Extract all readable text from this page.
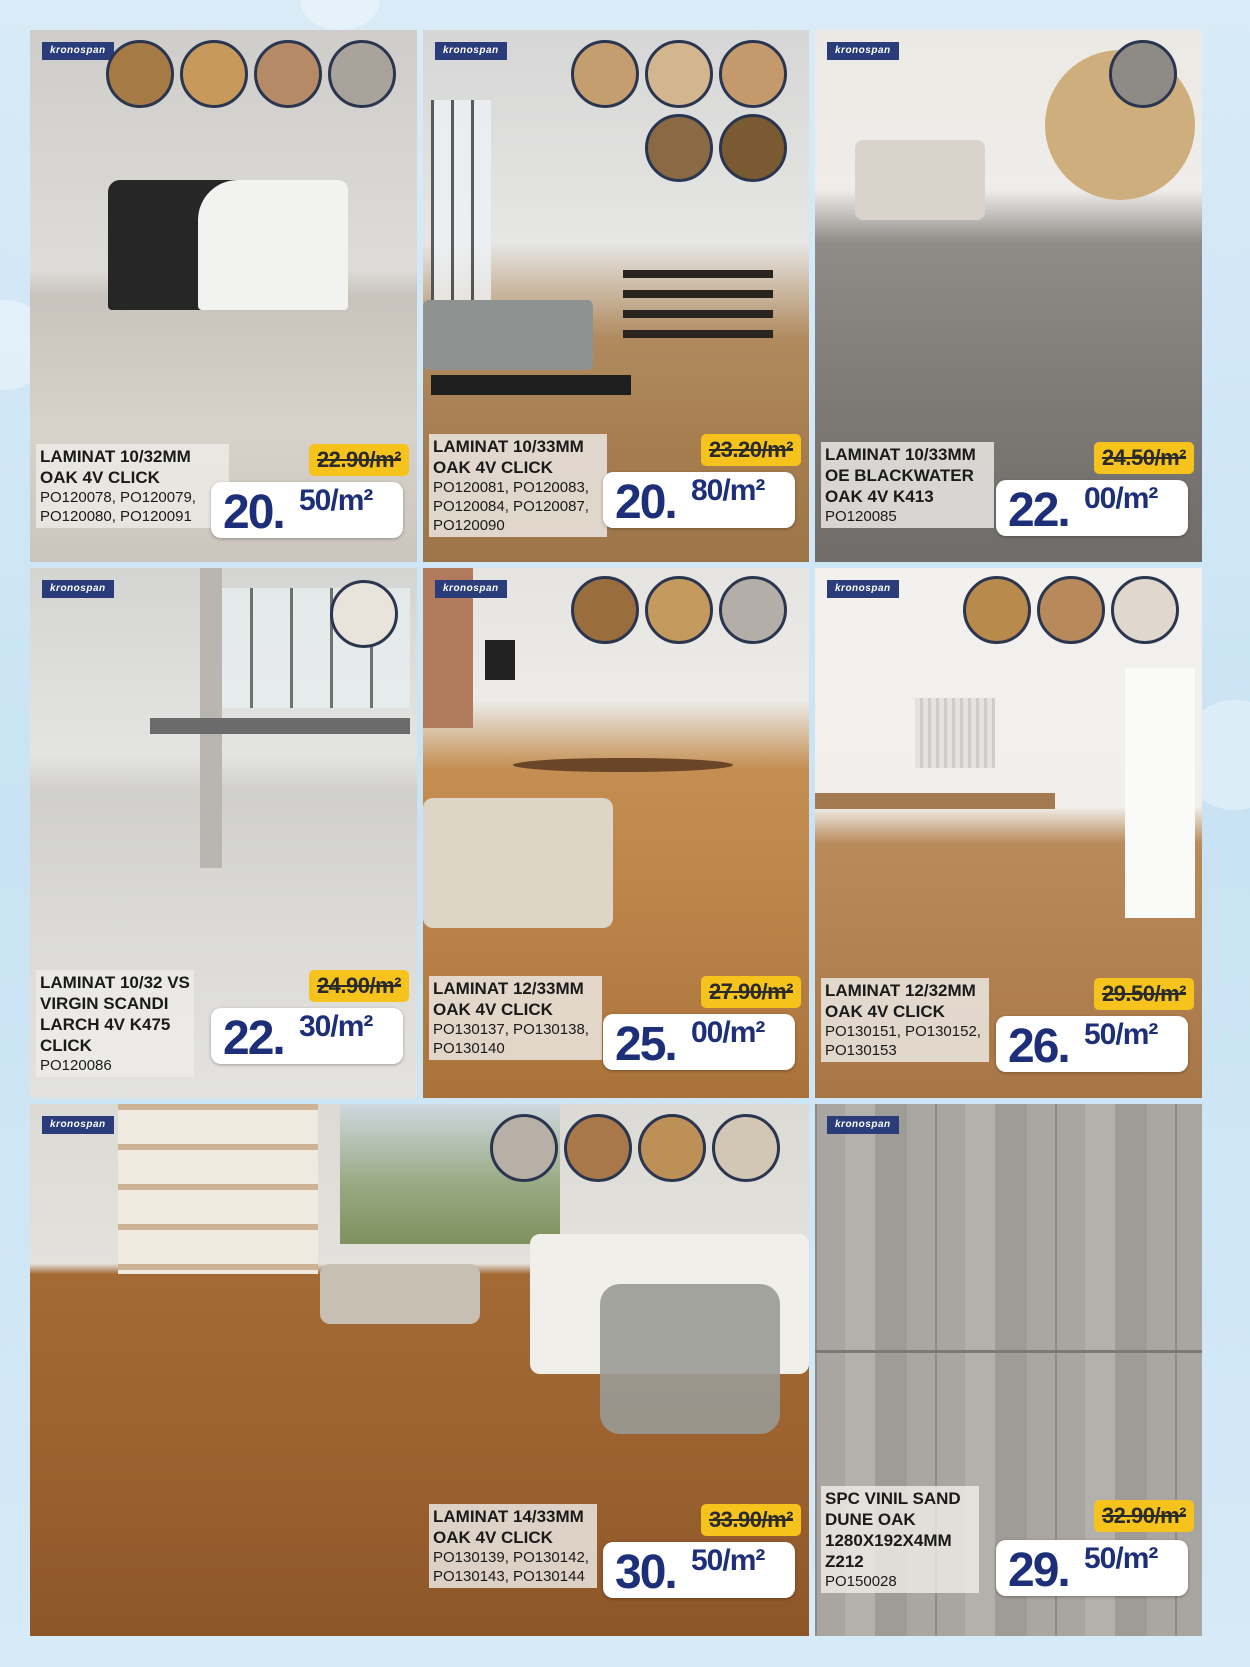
kronospan
LAMINAT 10/32MM OAK 4V CLICK
PO120078, PO120079, PO120080, PO120091
22.90/m²
20. 50/m²
kronospan
LAMINAT 10/33MM OAK 4V CLICK
PO120081, PO120083, PO120084, PO120087, PO120090
23.20/m²
20. 80/m²
kronospan
LAMINAT 10/33MM OE BLACKWATER OAK 4V K413
PO120085
24.50/m²
22. 00/m²
kronospan
LAMINAT 10/32 VS VIRGIN SCANDI LARCH 4V K475 CLICK
PO120086
24.90/m²
22. 30/m²
kronospan
LAMINAT 12/33MM OAK 4V CLICK
PO130137, PO130138, PO130140
27.90/m²
25. 00/m²
kronospan
LAMINAT 12/32MM OAK 4V CLICK
PO130151, PO130152, PO130153
29.50/m²
26. 50/m²
kronospan
LAMINAT 14/33MM OAK 4V CLICK
PO130139, PO130142, PO130143, PO130144
33.90/m²
30. 50/m²
kronospan
SPC VINIL SAND DUNE OAK 1280X192X4MM Z212
PO150028
32.90/m²
29. 50/m²
